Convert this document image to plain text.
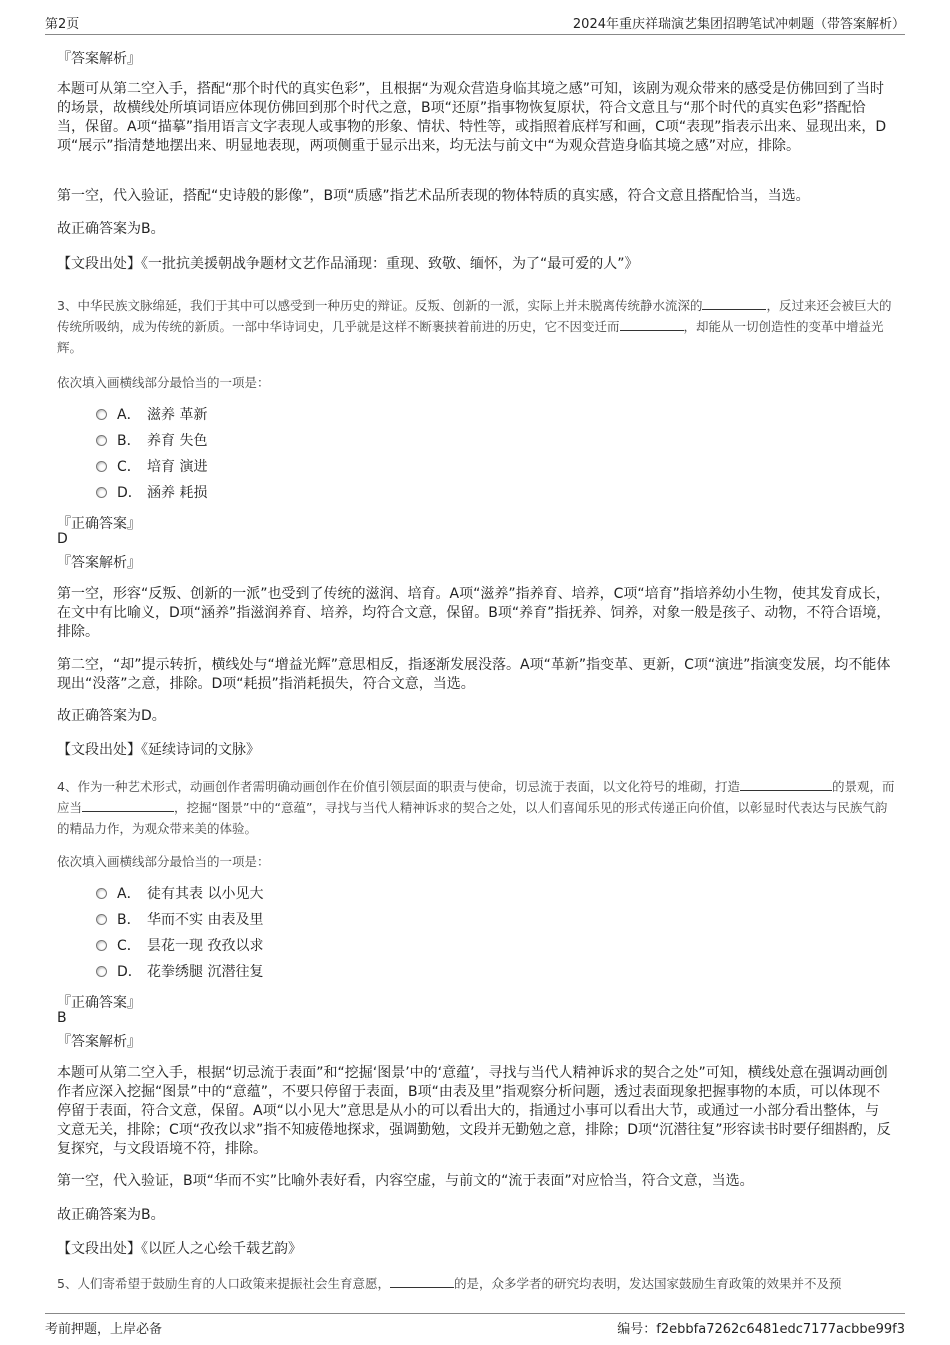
第2页	2024年重庆祥瑞演艺集团招聘笔试冲刺题（带答案解析）
『答案解析』

本题可从第二空入手，搭配“那个时代的真实色彩”，且根据“为观众营造身临其境之感”可知，该剧为观众带来的感受是仿佛回到了当时的场景，故横线处所填词语应体现仿佛回到那个时代之意，B项“还原”指事物恢复原状，符合文意且与“那个时代的真实色彩”搭配恰当，保留。A项“描摹”指用语言文字表现人或事物的形象、情状、特性等，或指照着底样写和画，C项“表现”指表示出来、显现出来，D项“展示”指清楚地摆出来、明显地表现，两项侧重于显示出来，均无法与前文中“为观众营造身临其境之感”对应，排除。

第一空，代入验证，搭配“史诗般的影像”，B项“质感”指艺术品所表现的物体特质的真实感，符合文意且搭配恰当，当选。

故正确答案为B。

【文段出处】《一批抗美援朝战争题材文艺作品涌现：重现、致敬、缅怀，为了“最可爱的人”》

3、中华民族文脉绵延，我们于其中可以感受到一种历史的辩证。反叛、创新的一派，实际上并未脱离传统静水流深的	，反过来还会被巨大的传统所吸纳，成为传统的新质。一部中华诗词史，几乎就是这样不断裹挟着前进的历史，它不因变迁而	，却能从一切创造性的变革中增益光辉。

依次填入画横线部分最恰当的一项是：
A． 滋养 革新
B． 养育 失色
C． 培育 演进
D． 涵养 耗损
『正确答案』
D
『答案解析』

第一空，形容“反叛、创新的一派”也受到了传统的滋润、培育。A项“滋养”指养育、培养，C项“培育”指培养幼小生物，使其发育成长，在文中有比喻义，D项“涵养”指滋润养育、培养，均符合文意，保留。B项“养育”指抚养、饲养，对象一般是孩子、动物，不符合语境，排除。

第二空，“却”提示转折，横线处与“增益光辉”意思相反，指逐渐发展没落。A项“革新”指变革、更新，C项“演进”指演变发展，均不能体现出“没落”之意，排除。D项“耗损”指消耗损失，符合文意，当选。

故正确答案为D。

【文段出处】《延续诗词的文脉》

4、作为一种艺术形式，动画创作者需明确动画创作在价值引领层面的职责与使命，切忌流于表面，以文化符号的堆砌，打造	的景观，而应当	，挖掘“图景”中的“意蕴”，寻找与当代人精神诉求的契合之处，以人们喜闻乐见的形式传递正向价值，以彰显时代表达与民族气韵的精品力作，为观众带来美的体验。

依次填入画横线部分最恰当的一项是：
A． 徒有其表 以小见大
B． 华而不实 由表及里
C． 昙花一现 孜孜以求
D． 花拳绣腿 沉潜往复
『正确答案』
B
『答案解析』

本题可从第二空入手，根据“切忌流于表面”和“挖掘‘图景’中的‘意蕴’，寻找与当代人精神诉求的契合之处”可知，横线处意在强调动画创作者应深入挖掘“图景”中的“意蕴”，不要只停留于表面，B项“由表及里”指观察分析问题，透过表面现象把握事物的本质，可以体现不停留于表面，符合文意，保留。A项“以小见大”意思是从小的可以看出大的，指通过小事可以看出大节，或通过一小部分看出整体，与文意无关，排除；C项“孜孜以求”指不知疲倦地探求，强调勤勉，文段并无勤勉之意，排除；D项“沉潜往复”形容读书时要仔细斟酌，反复探究，与文段语境不符，排除。

第一空，代入验证，B项“华而不实”比喻外表好看，内容空虚，与前文的“流于表面”对应恰当，符合文意，当选。

故正确答案为B。

【文段出处】《以匠人之心绘千载艺韵》

5、人们寄希望于鼓励生育的人口政策来提振社会生育意愿，	的是，众多学者的研究均表明，发达国家鼓励生育政策的效果并不及预

考前押题，上岸必备	编号：f2ebbfa7262c6481edc7177acbbe99f3
